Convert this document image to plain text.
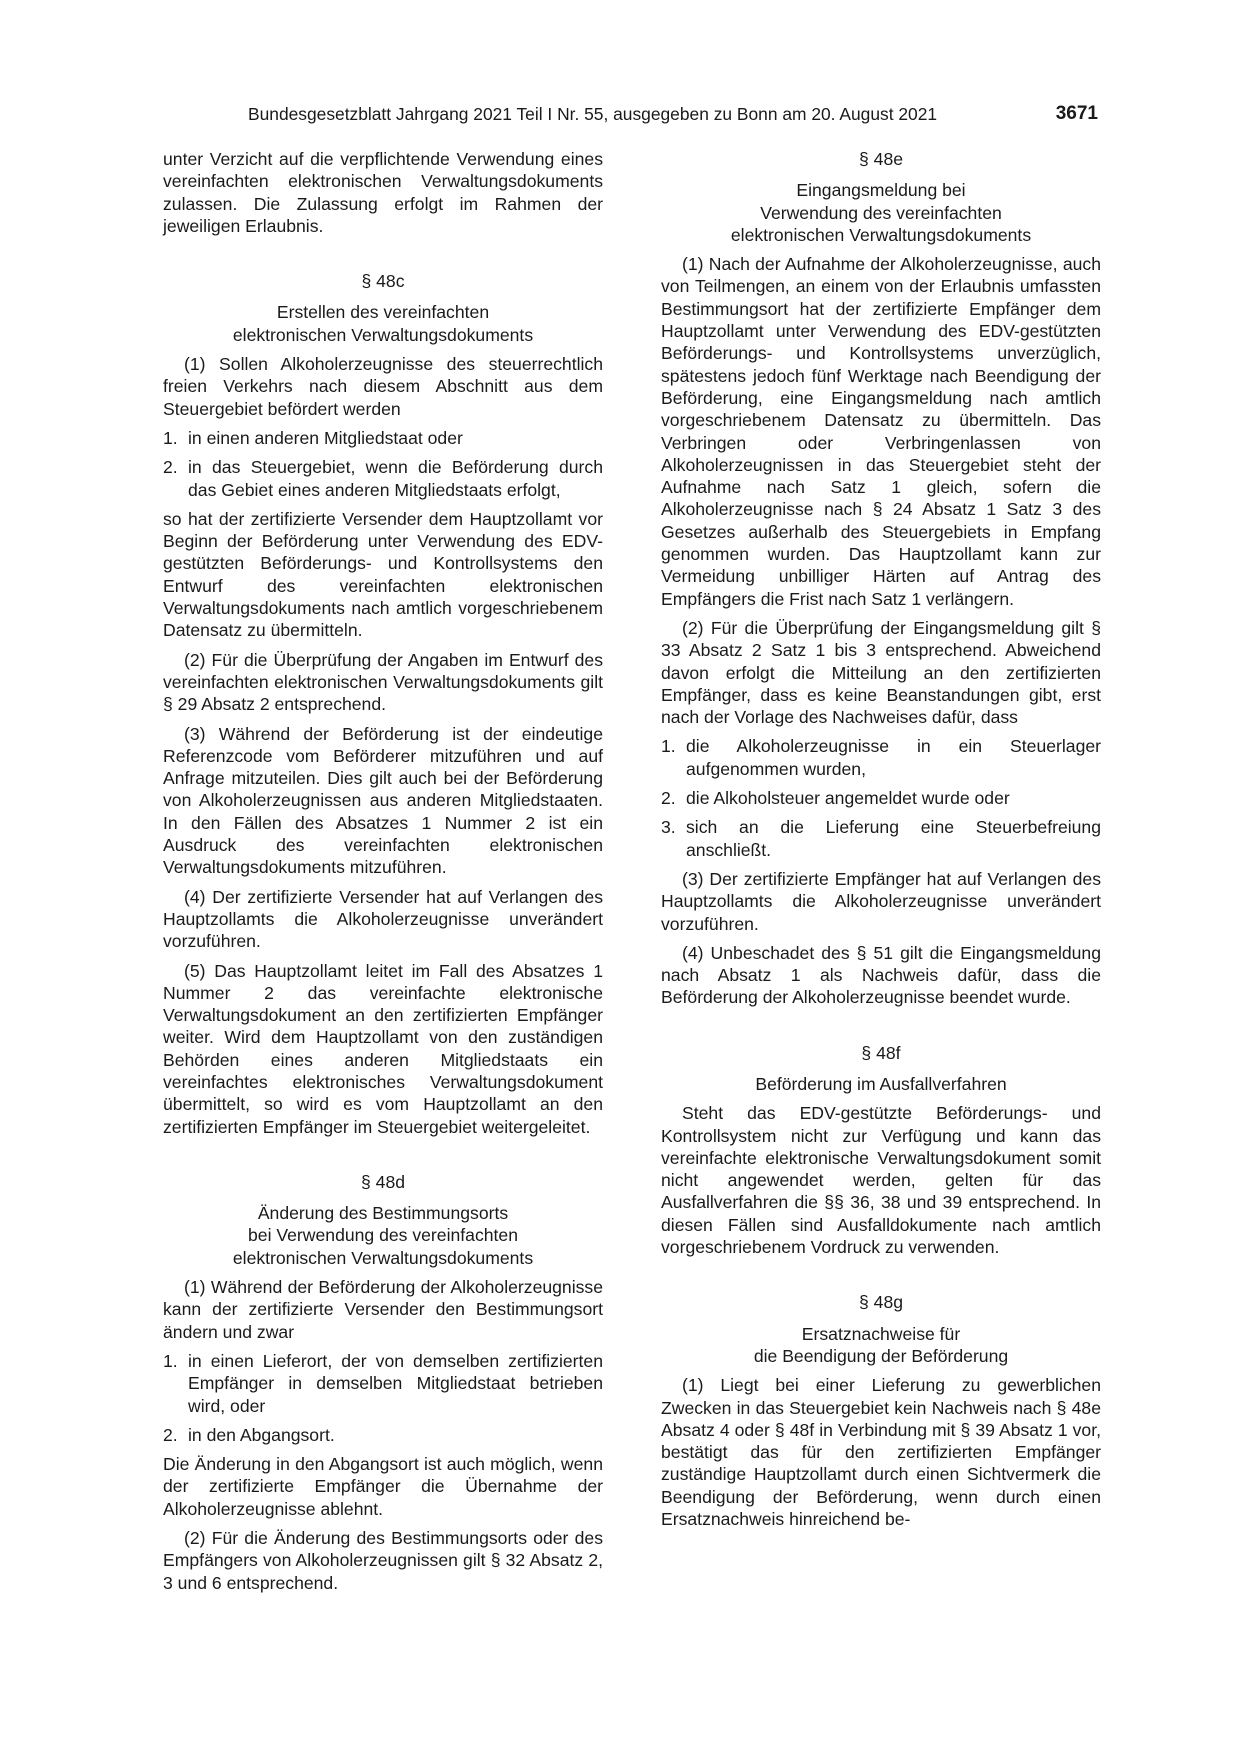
Bundesgesetzblatt Jahrgang 2021 Teil I Nr. 55, ausgegeben zu Bonn am 20. August 2021	3671

unter Verzicht auf die verpflichtende Verwendung eines vereinfachten elektronischen Verwaltungsdokuments zulassen. Die Zulassung erfolgt im Rahmen der jeweiligen Erlaubnis.

§ 48c
Erstellen des vereinfachten
elektronischen Verwaltungsdokuments

(1) Sollen Alkoholerzeugnisse des steuerrechtlich freien Verkehrs nach diesem Abschnitt aus dem Steuergebiet befördert werden

1. in einen anderen Mitgliedstaat oder
2. in das Steuergebiet, wenn die Beförderung durch das Gebiet eines anderen Mitgliedstaats erfolgt,

so hat der zertifizierte Versender dem Hauptzollamt vor Beginn der Beförderung unter Verwendung des EDV-gestützten Beförderungs- und Kontrollsystems den Entwurf des vereinfachten elektronischen Verwaltungsdokuments nach amtlich vorgeschriebenem Datensatz zu übermitteln.

(2) Für die Überprüfung der Angaben im Entwurf des vereinfachten elektronischen Verwaltungsdokuments gilt § 29 Absatz 2 entsprechend.

(3) Während der Beförderung ist der eindeutige Referenzcode vom Beförderer mitzuführen und auf Anfrage mitzuteilen. Dies gilt auch bei der Beförderung von Alkoholerzeugnissen aus anderen Mitgliedstaaten. In den Fällen des Absatzes 1 Nummer 2 ist ein Ausdruck des vereinfachten elektronischen Verwaltungsdokuments mitzuführen.

(4) Der zertifizierte Versender hat auf Verlangen des Hauptzollamts die Alkoholerzeugnisse unverändert vorzuführen.

(5) Das Hauptzollamt leitet im Fall des Absatzes 1 Nummer 2 das vereinfachte elektronische Verwaltungsdokument an den zertifizierten Empfänger weiter. Wird dem Hauptzollamt von den zuständigen Behörden eines anderen Mitgliedstaats ein vereinfachtes elektronisches Verwaltungsdokument übermittelt, so wird es vom Hauptzollamt an den zertifizierten Empfänger im Steuergebiet weitergeleitet.

§ 48d
Änderung des Bestimmungsorts
bei Verwendung des vereinfachten
elektronischen Verwaltungsdokuments

(1) Während der Beförderung der Alkoholerzeugnisse kann der zertifizierte Versender den Bestimmungsort ändern und zwar

1. in einen Lieferort, der von demselben zertifizierten Empfänger in demselben Mitgliedstaat betrieben wird, oder
2. in den Abgangsort.

Die Änderung in den Abgangsort ist auch möglich, wenn der zertifizierte Empfänger die Übernahme der Alkoholerzeugnisse ablehnt.

(2) Für die Änderung des Bestimmungsorts oder des Empfängers von Alkoholerzeugnissen gilt § 32 Absatz 2, 3 und 6 entsprechend.

§ 48e
Eingangsmeldung bei
Verwendung des vereinfachten
elektronischen Verwaltungsdokuments

(1) Nach der Aufnahme der Alkoholerzeugnisse, auch von Teilmengen, an einem von der Erlaubnis umfassten Bestimmungsort hat der zertifizierte Empfänger dem Hauptzollamt unter Verwendung des EDV-gestützten Beförderungs- und Kontrollsystems unverzüglich, spätestens jedoch fünf Werktage nach Beendigung der Beförderung, eine Eingangsmeldung nach amtlich vorgeschriebenem Datensatz zu übermitteln. Das Verbringen oder Verbringenlassen von Alkoholerzeugnissen in das Steuergebiet steht der Aufnahme nach Satz 1 gleich, sofern die Alkoholerzeugnisse nach § 24 Absatz 1 Satz 3 des Gesetzes außerhalb des Steuergebiets in Empfang genommen wurden. Das Hauptzollamt kann zur Vermeidung unbilliger Härten auf Antrag des Empfängers die Frist nach Satz 1 verlängern.

(2) Für die Überprüfung der Eingangsmeldung gilt § 33 Absatz 2 Satz 1 bis 3 entsprechend. Abweichend davon erfolgt die Mitteilung an den zertifizierten Empfänger, dass es keine Beanstandungen gibt, erst nach der Vorlage des Nachweises dafür, dass

1. die Alkoholerzeugnisse in ein Steuerlager aufgenommen wurden,
2. die Alkoholsteuer angemeldet wurde oder
3. sich an die Lieferung eine Steuerbefreiung anschließt.

(3) Der zertifizierte Empfänger hat auf Verlangen des Hauptzollamts die Alkoholerzeugnisse unverändert vorzuführen.

(4) Unbeschadet des § 51 gilt die Eingangsmeldung nach Absatz 1 als Nachweis dafür, dass die Beförderung der Alkoholerzeugnisse beendet wurde.

§ 48f
Beförderung im Ausfallverfahren

Steht das EDV-gestützte Beförderungs- und Kontrollsystem nicht zur Verfügung und kann das vereinfachte elektronische Verwaltungsdokument somit nicht angewendet werden, gelten für das Ausfallverfahren die §§ 36, 38 und 39 entsprechend. In diesen Fällen sind Ausfalldokumente nach amtlich vorgeschriebenem Vordruck zu verwenden.

§ 48g
Ersatznachweise für
die Beendigung der Beförderung

(1) Liegt bei einer Lieferung zu gewerblichen Zwecken in das Steuergebiet kein Nachweis nach § 48e Absatz 4 oder § 48f in Verbindung mit § 39 Absatz 1 vor, bestätigt das für den zertifizierten Empfänger zuständige Hauptzollamt durch einen Sichtvermerk die Beendigung der Beförderung, wenn durch einen Ersatznachweis hinreichend be-
